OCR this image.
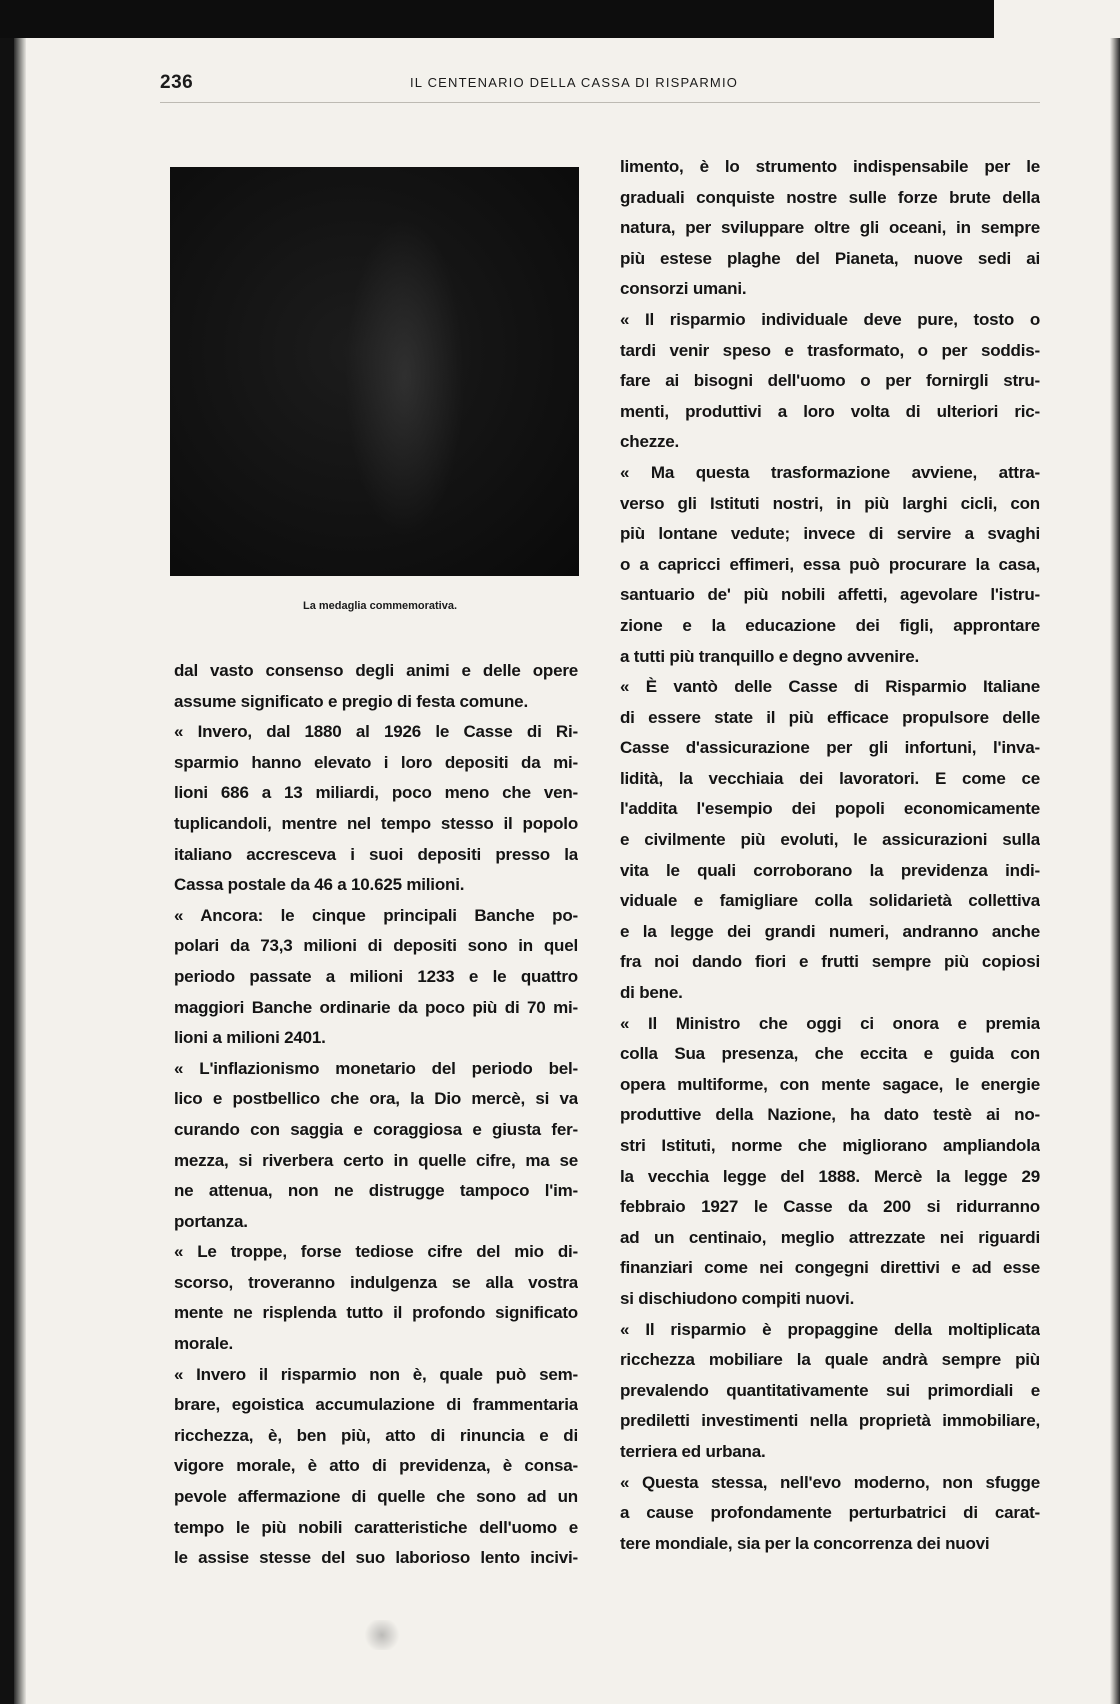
236	IL CENTENARIO DELLA CASSA DI RISPARMIO
La medaglia commemorativa.
dal vasto consenso degli animi e delle opere
assume significato e pregio di festa comune.
« Invero, dal 1880 al 1926 le Casse di Ri-
sparmio hanno elevato i loro depositi da mi-
lioni 686 a 13 miliardi, poco meno che ven-
tuplicandoli, mentre nel tempo stesso il popolo
italiano accresceva i suoi depositi presso la
Cassa postale da 46 a 10.625 milioni.
« Ancora: le cinque principali Banche po-
polari da 73,3 milioni di depositi sono in quel
periodo passate a milioni 1233 e le quattro
maggiori Banche ordinarie da poco più di 70 mi-
lioni a milioni 2401.
« L'inflazionismo monetario del periodo bel-
lico e postbellico che ora, la Dio mercè, si va
curando con saggia e coraggiosa e giusta fer-
mezza, si riverbera certo in quelle cifre, ma se
ne attenua, non ne distrugge tampoco l'im-
portanza.
« Le troppe, forse tediose cifre del mio di-
scorso, troveranno indulgenza se alla vostra
mente ne risplenda tutto il profondo significato
morale.
« Invero il risparmio non è, quale può sem-
brare, egoistica accumulazione di frammentaria
ricchezza, è, ben più, atto di rinuncia e di
vigore morale, è atto di previdenza, è consa-
pevole affermazione di quelle che sono ad un
tempo le più nobili caratteristiche dell'uomo e
le assise stesse del suo laborioso lento incivi-
limento, è lo strumento indispensabile per le
graduali conquiste nostre sulle forze brute della
natura, per sviluppare oltre gli oceani, in sempre
più estese plaghe del Pianeta, nuove sedi ai
consorzi umani.
« Il risparmio individuale deve pure, tosto o
tardi venir speso e trasformato, o per soddis-
fare ai bisogni dell'uomo o per fornirgli stru-
menti, produttivi a loro volta di ulteriori ric-
chezze.
« Ma questa trasformazione avviene, attra-
verso gli Istituti nostri, in più larghi cicli, con
più lontane vedute; invece di servire a svaghi
o a capricci effimeri, essa può procurare la casa,
santuario de' più nobili affetti, agevolare l'istru-
zione e la educazione dei figli, approntare
a tutti più tranquillo e degno avvenire.
« È vantò delle Casse di Risparmio Italiane
di essere state il più efficace propulsore delle
Casse d'assicurazione per gli infortuni, l'inva-
lidità, la vecchiaia dei lavoratori. E come ce
l'addita l'esempio dei popoli economicamente
e civilmente più evoluti, le assicurazioni sulla
vita le quali corroborano la previdenza indi-
viduale e famigliare colla solidarietà collettiva
e la legge dei grandi numeri, andranno anche
fra noi dando fiori e frutti sempre più copiosi
di bene.
« Il Ministro che oggi ci onora e premia
colla Sua presenza, che eccita e guida con
opera multiforme, con mente sagace, le energie
produttive della Nazione, ha dato testè ai no-
stri Istituti, norme che migliorano ampliandola
la vecchia legge del 1888. Mercè la legge 29
febbraio 1927 le Casse da 200 si ridurranno
ad un centinaio, meglio attrezzate nei riguardi
finanziari come nei congegni direttivi e ad esse
si dischiudono compiti nuovi.
« Il risparmio è propaggine della moltiplicata
ricchezza mobiliare la quale andrà sempre più
prevalendo quantitativamente sui primordiali e
prediletti investimenti nella proprietà immobiliare,
terriera ed urbana.
« Questa stessa, nell'evo moderno, non sfugge
a cause profondamente perturbatrici di carat-
tere mondiale, sia per la concorrenza dei nuovi
